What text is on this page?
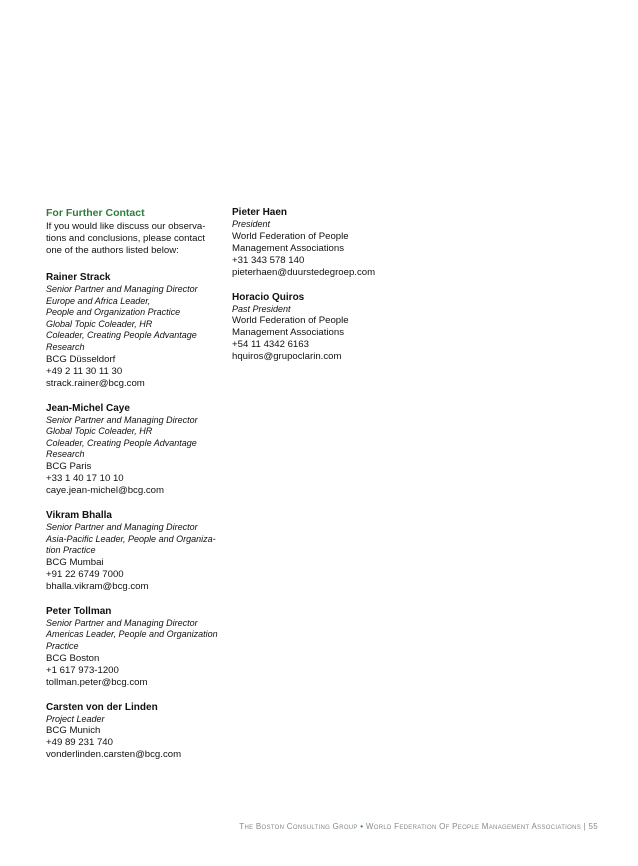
For Further Contact
If you would like discuss our observa-
tions and conclusions, please contact
one of the authors listed below:
Rainer Strack
Senior Partner and Managing Director
Europe and Africa Leader,
People and Organization Practice
Global Topic Coleader, HR
Coleader, Creating People Advantage
Research
BCG Düsseldorf
+49 2 11 30 11 30
strack.rainer@bcg.com
Jean-Michel Caye
Senior Partner and Managing Director
Global Topic Coleader, HR
Coleader, Creating People Advantage
Research
BCG Paris
+33 1 40 17 10 10
caye.jean-michel@bcg.com
Vikram Bhalla
Senior Partner and Managing Director
Asia-Pacific Leader, People and Organiza-
tion Practice
BCG Mumbai
+91 22 6749 7000
bhalla.vikram@bcg.com
Peter Tollman
Senior Partner and Managing Director
Americas Leader, People and Organization
Practice
BCG Boston
+1 617 973-1200
tollman.peter@bcg.com
Carsten von der Linden
Project Leader
BCG Munich
+49 89 231 740
vonderlinden.carsten@bcg.com
Pieter Haen
President
World Federation of People
Management Associations
+31 343 578 140
pieterhaen@duurstedegroep.com
Horacio Quiros
Past President
World Federation of People
Management Associations
+54 11 4342 6163
hquiros@grupoclarin.com
The Boston Consulting Group • World Federation Of People Management Associations | 55
